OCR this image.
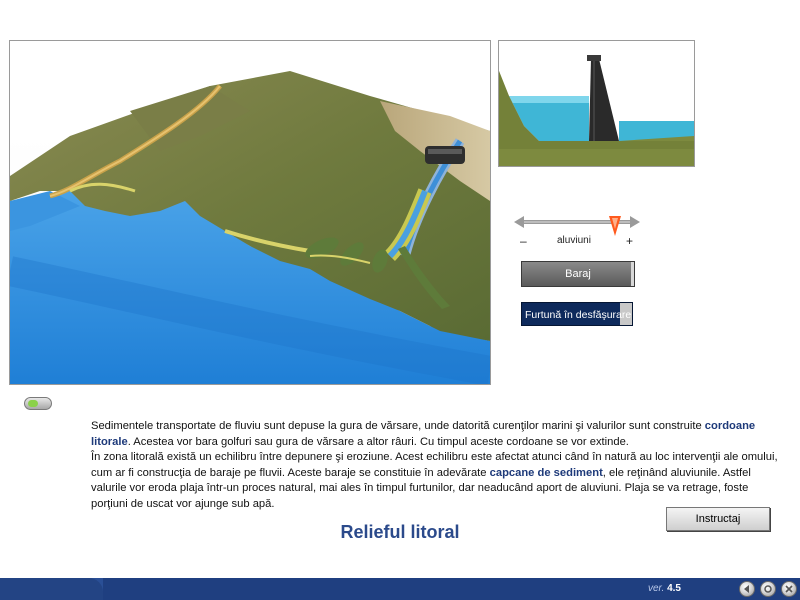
–	aluviuni	+
Baraj
Furtună în desfăşurare

Sedimentele transportate de fluviu sunt depuse la gura de vărsare, unde datorită curenţilor marini şi valurilor sunt construite cordoane litorale. Acestea vor bara golfuri sau gura de vărsare a altor râuri. Cu timpul aceste cordoane se vor extinde.

În zona litorală există un echilibru între depunere şi eroziune. Acest echilibru este afectat atunci când în natură au loc intervenţii ale omului, cum ar fi construcţia de baraje pe fluvii. Aceste baraje se constituie în adevărate capcane de sediment, ele reţinând aluviunile. Astfel valurile vor eroda plaja într-un proces natural, mai ales în timpul furtunilor, dar neaducând aport de aluviuni. Plaja se va retrage, foste porţiuni de uscat vor ajunge sub apă.

Instructaj
Relieful litoral
ver. 4.5
